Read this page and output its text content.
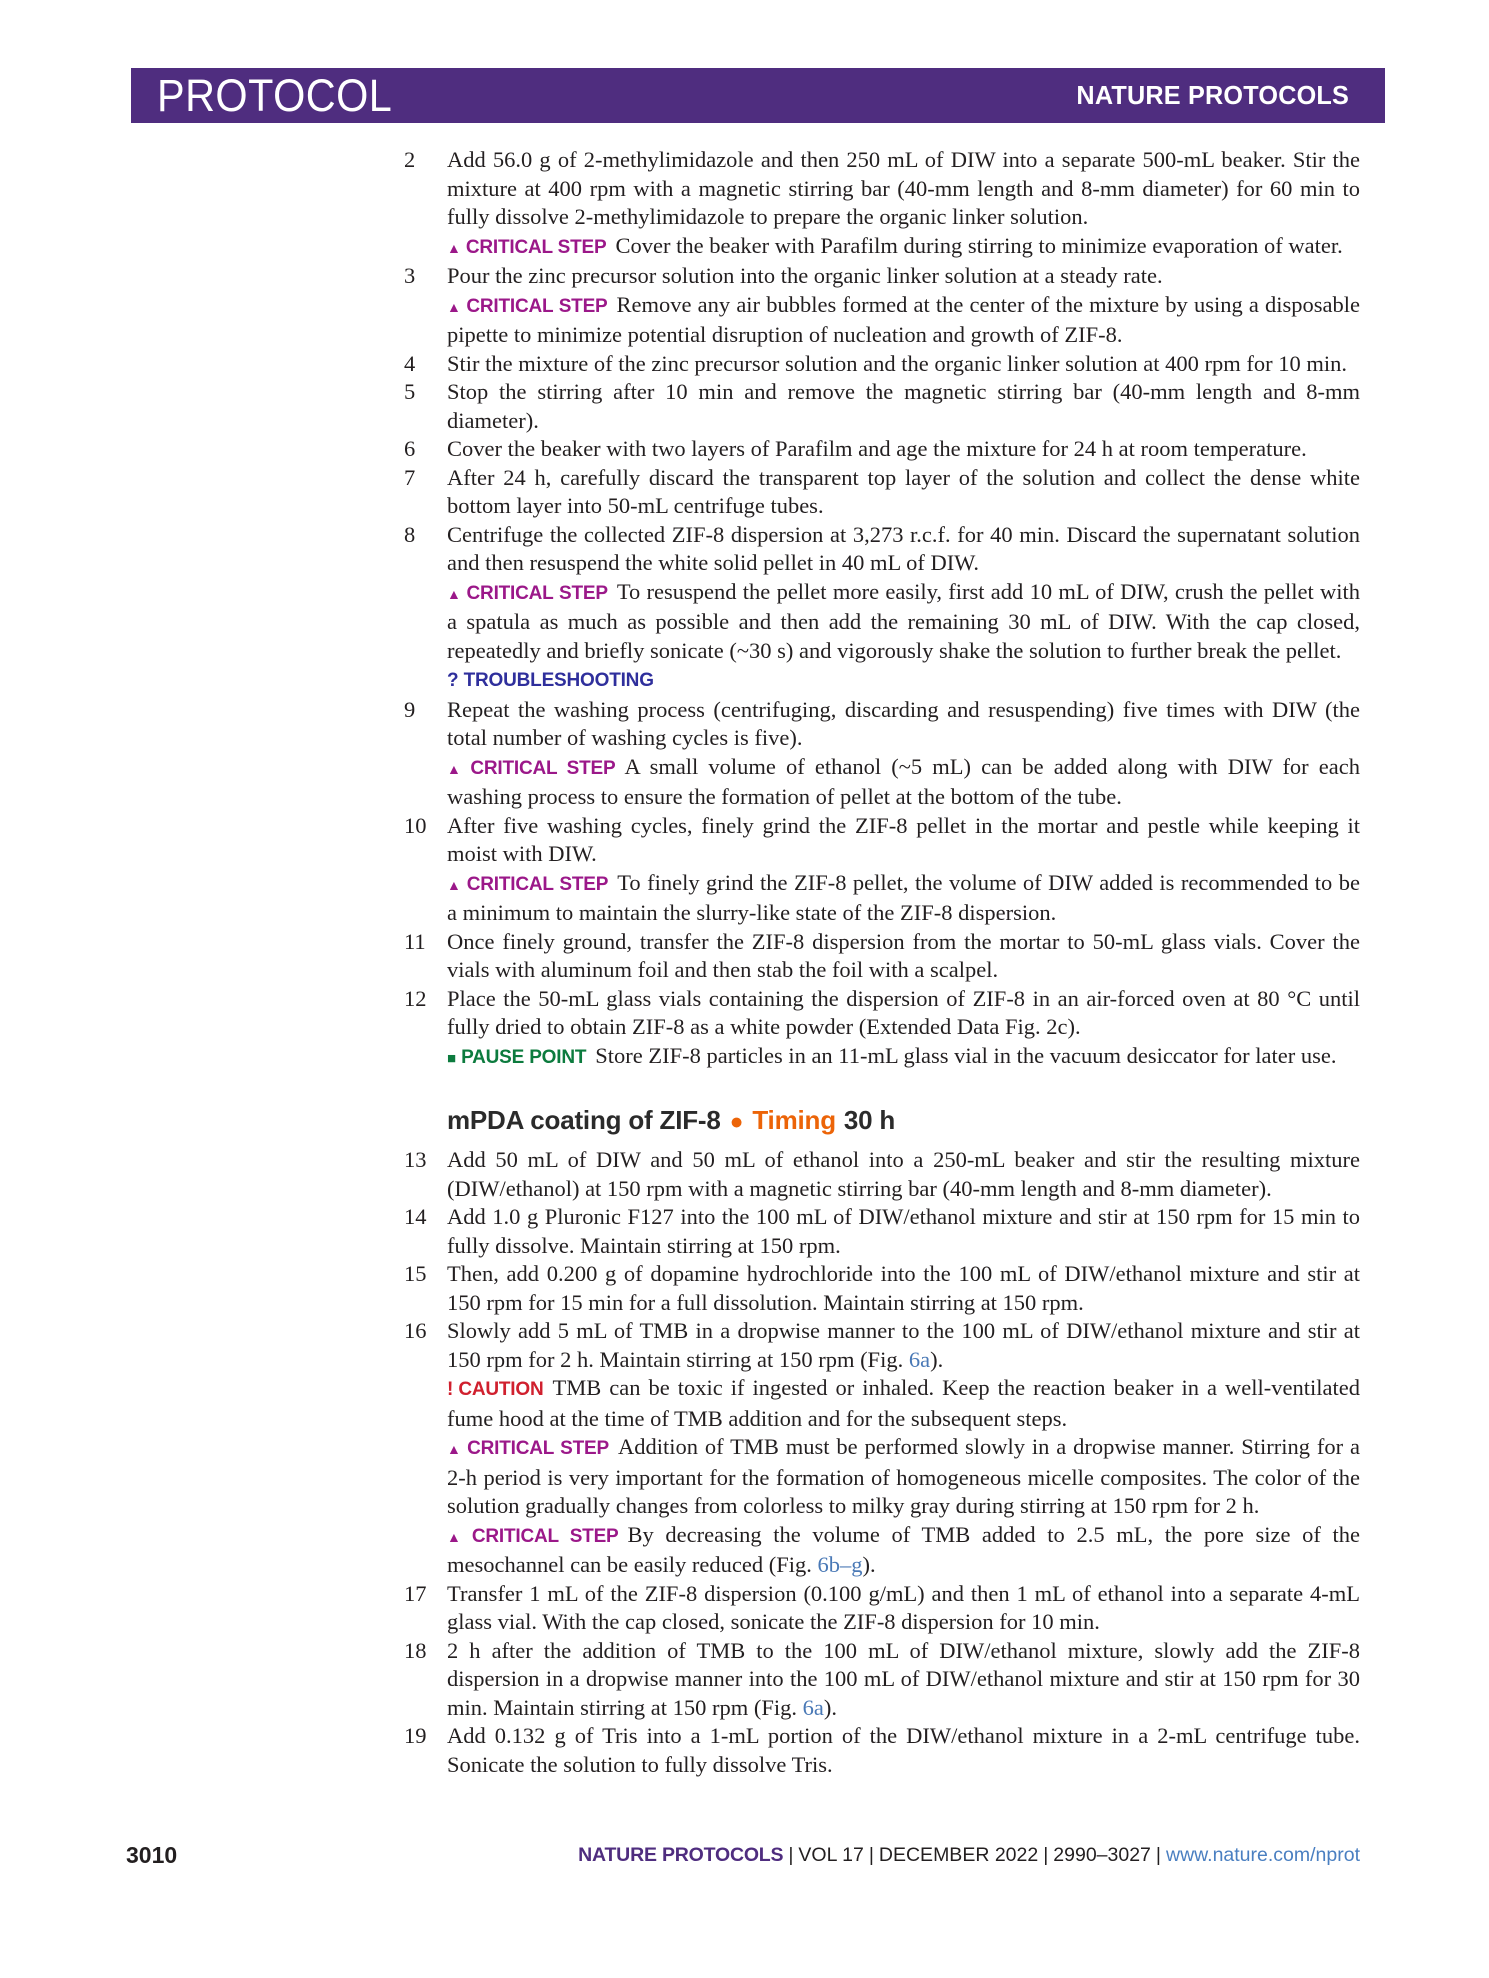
PROTOCOL	NATURE PROTOCOLS
2	Add 56.0 g of 2-methylimidazole and then 250 mL of DIW into a separate 500-mL beaker. Stir the mixture at 400 rpm with a magnetic stirring bar (40-mm length and 8-mm diameter) for 60 min to fully dissolve 2-methylimidazole to prepare the organic linker solution.

▲ CRITICAL STEP Cover the beaker with Parafilm during stirring to minimize evaporation of water.

3	Pour the zinc precursor solution into the organic linker solution at a steady rate.

▲ CRITICAL STEP Remove any air bubbles formed at the center of the mixture by using a disposable pipette to minimize potential disruption of nucleation and growth of ZIF-8.

4	Stir the mixture of the zinc precursor solution and the organic linker solution at 400 rpm for 10 min.

5	Stop the stirring after 10 min and remove the magnetic stirring bar (40-mm length and 8-mm diameter).

6	Cover the beaker with two layers of Parafilm and age the mixture for 24 h at room temperature.

7	After 24 h, carefully discard the transparent top layer of the solution and collect the dense white bottom layer into 50-mL centrifuge tubes.

8	Centrifuge the collected ZIF-8 dispersion at 3,273 r.c.f. for 40 min. Discard the supernatant solution and then resuspend the white solid pellet in 40 mL of DIW.

▲ CRITICAL STEP To resuspend the pellet more easily, first add 10 mL of DIW, crush the pellet with a spatula as much as possible and then add the remaining 30 mL of DIW. With the cap closed, repeatedly and briefly sonicate (~30 s) and vigorously shake the solution to further break the pellet.

? TROUBLESHOOTING

9	Repeat the washing process (centrifuging, discarding and resuspending) five times with DIW (the total number of washing cycles is five).

▲ CRITICAL STEP A small volume of ethanol (~5 mL) can be added along with DIW for each washing process to ensure the formation of pellet at the bottom of the tube.

10 After five washing cycles, finely grind the ZIF-8 pellet in the mortar and pestle while keeping it moist with DIW.

▲ CRITICAL STEP To finely grind the ZIF-8 pellet, the volume of DIW added is recommended to be a minimum to maintain the slurry-like state of the ZIF-8 dispersion.

11 Once finely ground, transfer the ZIF-8 dispersion from the mortar to 50-mL glass vials. Cover the vials with aluminum foil and then stab the foil with a scalpel.

12 Place the 50-mL glass vials containing the dispersion of ZIF-8 in an air-forced oven at 80 °C until fully dried to obtain ZIF-8 as a white powder (Extended Data Fig. 2c).

■ PAUSE POINT Store ZIF-8 particles in an 11-mL glass vial in the vacuum desiccator for later use.

mPDA coating of ZIF-8 ● Timing 30 h
13 Add 50 mL of DIW and 50 mL of ethanol into a 250-mL beaker and stir the resulting mixture (DIW/ethanol) at 150 rpm with a magnetic stirring bar (40-mm length and 8-mm diameter).

14 Add 1.0 g Pluronic F127 into the 100 mL of DIW/ethanol mixture and stir at 150 rpm for 15 min to fully dissolve. Maintain stirring at 150 rpm.

15 Then, add 0.200 g of dopamine hydrochloride into the 100 mL of DIW/ethanol mixture and stir at 150 rpm for 15 min for a full dissolution. Maintain stirring at 150 rpm.

16 Slowly add 5 mL of TMB in a dropwise manner to the 100 mL of DIW/ethanol mixture and stir at 150 rpm for 2 h. Maintain stirring at 150 rpm (Fig. 6a).

! CAUTION TMB can be toxic if ingested or inhaled. Keep the reaction beaker in a well-ventilated fume hood at the time of TMB addition and for the subsequent steps.

▲ CRITICAL STEP Addition of TMB must be performed slowly in a dropwise manner. Stirring for a 2-h period is very important for the formation of homogeneous micelle composites. The color of the solution gradually changes from colorless to milky gray during stirring at 150 rpm for 2 h.

▲ CRITICAL STEP By decreasing the volume of TMB added to 2.5 mL, the pore size of the mesochannel can be easily reduced (Fig. 6b–g).

17 Transfer 1 mL of the ZIF-8 dispersion (0.100 g/mL) and then 1 mL of ethanol into a separate 4-mL glass vial. With the cap closed, sonicate the ZIF-8 dispersion for 10 min.

18 2 h after the addition of TMB to the 100 mL of DIW/ethanol mixture, slowly add the ZIF-8 dispersion in a dropwise manner into the 100 mL of DIW/ethanol mixture and stir at 150 rpm for 30 min. Maintain stirring at 150 rpm (Fig. 6a).

19 Add 0.132 g of Tris into a 1-mL portion of the DIW/ethanol mixture in a 2-mL centrifuge tube. Sonicate the solution to fully dissolve Tris.

3010	NATURE PROTOCOLS | VOL 17 | DECEMBER 2022 | 2990–3027 | www.nature.com/nprot
